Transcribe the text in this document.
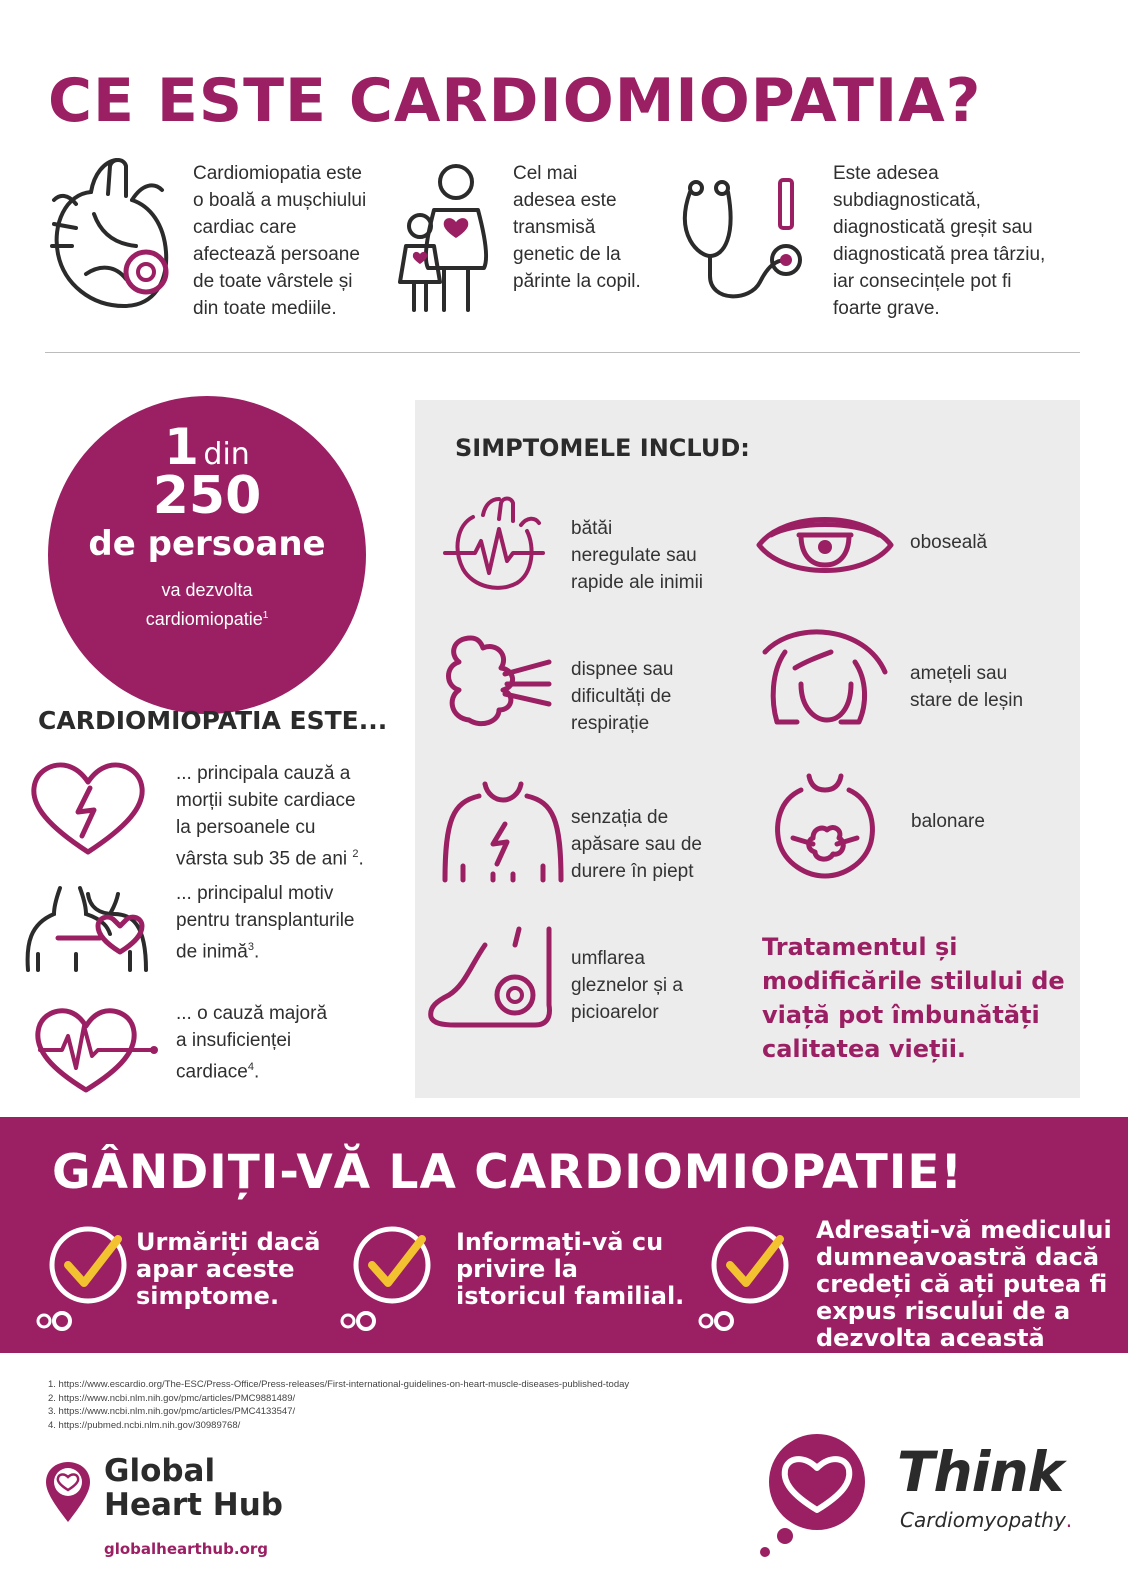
CE ESTE CARDIOMIOPATIA?

Cardiomiopatia este
o boală a mușchiului
cardiac care
afectează persoane
de toate vârstele și
din toate mediile.

Cel mai
adesea este
transmisă
genetic de la
părinte la copil.

Este adesea
subdiagnosticată,
diagnosticată greșit sau
diagnosticată prea târziu,
iar consecințele pot fi
foarte grave.

1 din
250
de persoane
va dezvolta
cardiomiopatie$^1$
CARDIOMIOPATIA ESTE...

... principala cauză a
morții subite cardiace
la persoanele cu
vârsta sub 35 de ani $^2$.

... principalul motiv
pentru transplanturile
de inimă$^3$.

... o cauză majoră
a insuficienței
cardiace$^4$.

SIMPTOMELE INCLUD:

bătăi
neregulate sau
rapide ale inimii

oboseală

dispnee sau
dificultăți de
respirație

amețeli sau
stare de leșin

senzația de
apăsare sau de
durere în piept

balonare

umflarea
gleznelor și a
picioarelor

Tratamentul și
modificările stilului de
viață pot îmbunătăți
calitatea vieții.
GÂNDIȚI-VĂ LA CARDIOMIOPATIE!

Urmăriți dacă
apar aceste
simptome.

Informați-vă cu
privire la
istoricul familial.

Adresați-vă medicului
dumneavoastră dacă
credeți că ați putea fi
expus riscului de a
dezvolta această

1. https://www.escardio.org/The-ESC/Press-Office/Press-releases/First-international-guidelines-on-heart-muscle-diseases-published-today
2. https://www.ncbi.nlm.nih.gov/pmc/articles/PMC9881489/
3. https://www.ncbi.nlm.nih.gov/pmc/articles/PMC4133547/
4. https://pubmed.ncbi.nlm.nih.gov/30989768/
Global
Heart Hub
globalhearthub.org
Think
Cardiomyopathy.
